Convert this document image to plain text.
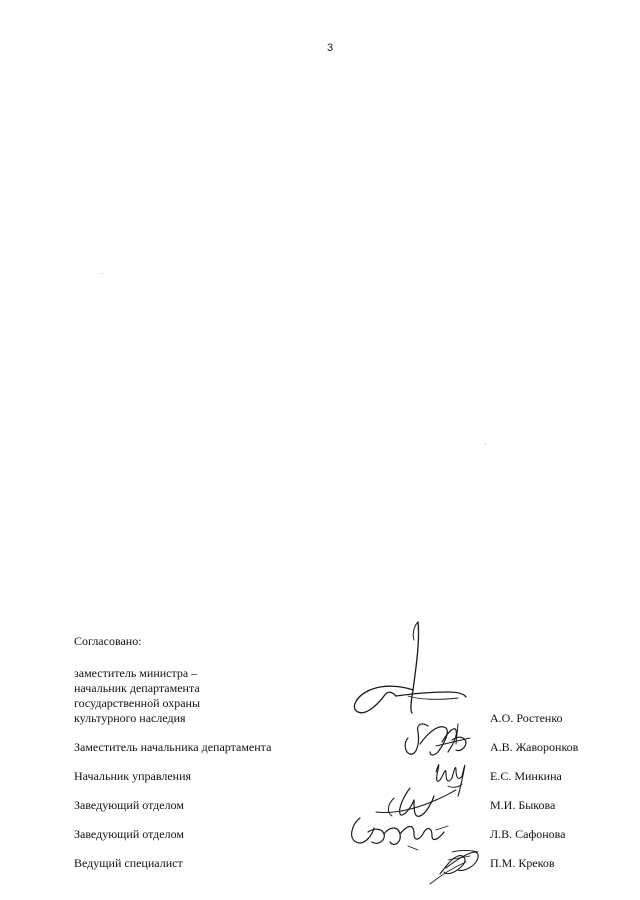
3

Согласовано:

заместитель министра –
начальник департамента
государственной охраны
культурного наследия	А.О. Ростенко
Заместитель начальника департамента	А.В. Жаворонков
Начальник управления	Е.С. Минкина
Заведующий отделом	М.И. Быкова
Заведующий отделом	Л.В. Сафонова
Ведущий специалист	П.М. Креков
